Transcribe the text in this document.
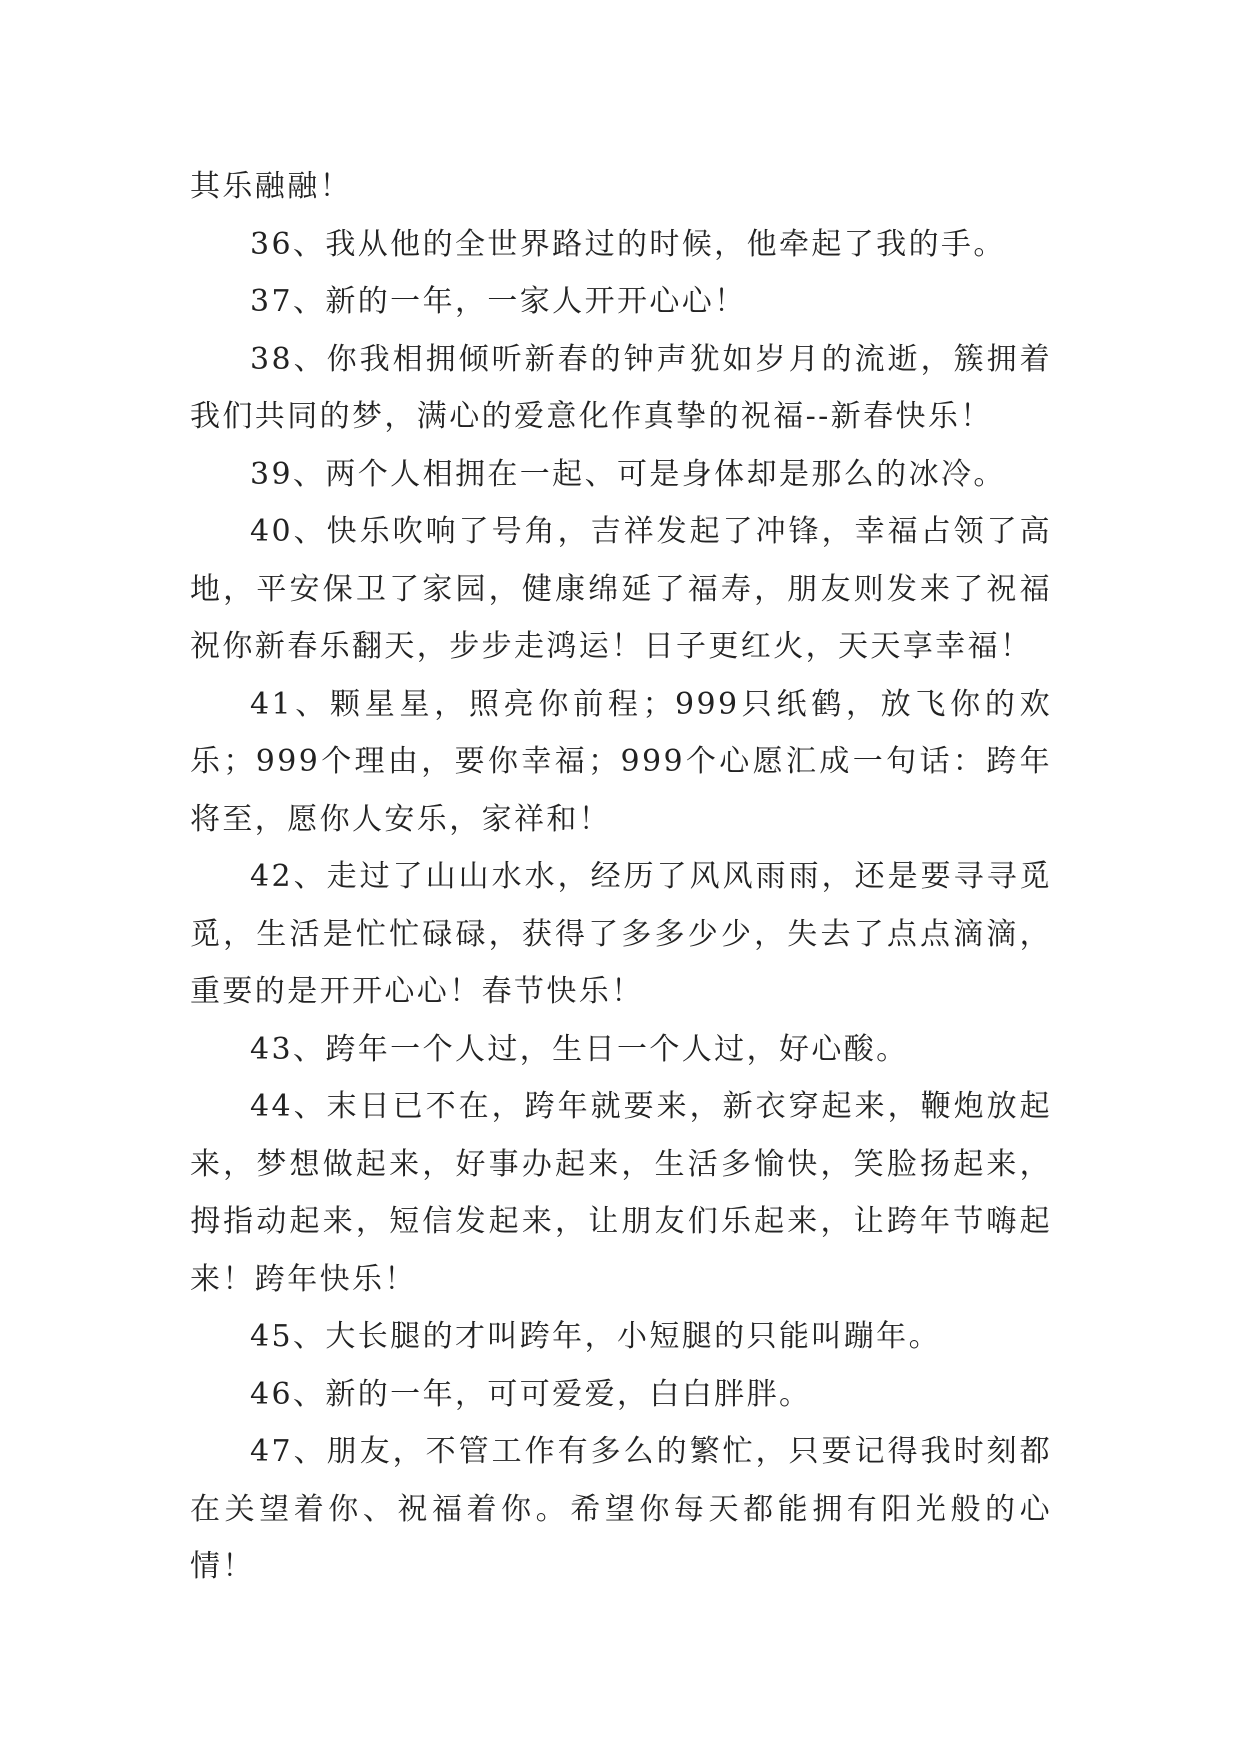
其乐融融！

36、我从他的全世界路过的时候，他牵起了我的手。

37、新的一年，一家人开开心心！

38、你我相拥倾听新春的钟声犹如岁月的流逝，簇拥着我们共同的梦，满心的爱意化作真挚的祝福--新春快乐！

39、两个人相拥在一起、可是身体却是那么的冰冷。

40、快乐吹响了号角，吉祥发起了冲锋，幸福占领了高地，平安保卫了家园，健康绵延了福寿，朋友则发来了祝福祝你新春乐翻天，步步走鸿运！日子更红火，天天享幸福！

41、颗星星，照亮你前程；999只纸鹤，放飞你的欢乐；999个理由，要你幸福；999个心愿汇成一句话：跨年将至，愿你人安乐，家祥和！

42、走过了山山水水，经历了风风雨雨，还是要寻寻觅觅，生活是忙忙碌碌，获得了多多少少，失去了点点滴滴，重要的是开开心心！春节快乐！

43、跨年一个人过，生日一个人过，好心酸。

44、末日已不在，跨年就要来，新衣穿起来，鞭炮放起来，梦想做起来，好事办起来，生活多愉快，笑脸扬起来，拇指动起来，短信发起来，让朋友们乐起来，让跨年节嗨起来！跨年快乐！

45、大长腿的才叫跨年，小短腿的只能叫蹦年。

46、新的一年，可可爱爱，白白胖胖。

47、朋友，不管工作有多么的繁忙，只要记得我时刻都在关望着你、祝福着你。希望你每天都能拥有阳光般的心情！
